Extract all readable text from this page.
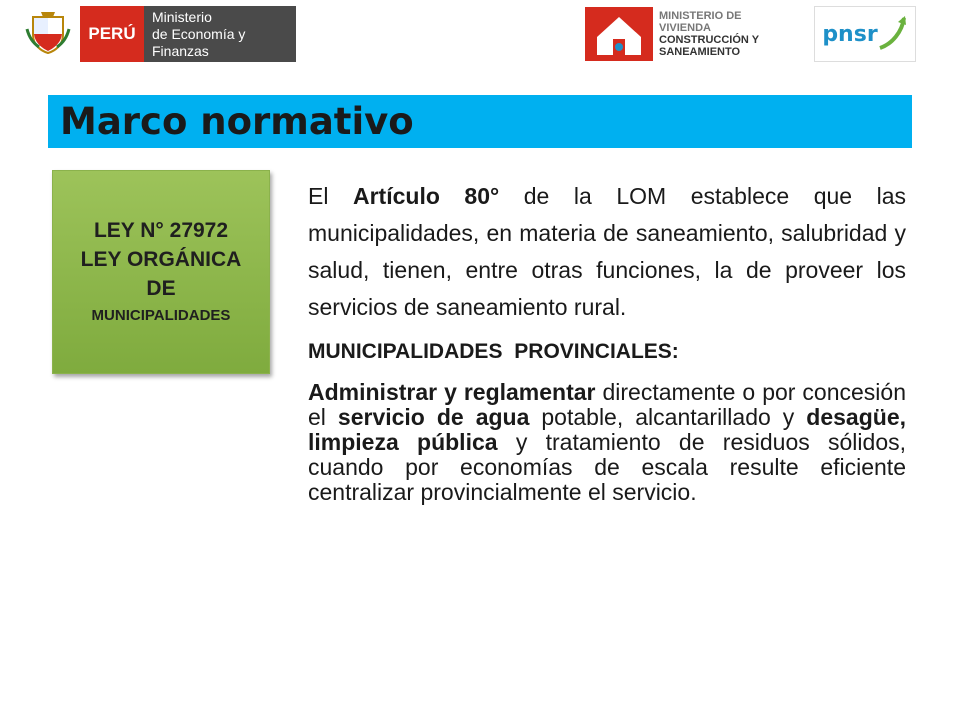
PERÚ
Ministerio
de Economía y Finanzas
MINISTERIO DE
VIVIENDA
CONSTRUCCIÓN Y
SANEAMIENTO
pnsr
Marco normativo
LEY N° 27972
LEY ORGÁNICA
DE
MUNICIPALIDADES

El Artículo 80° de la LOM establece que las municipalidades, en materia de saneamiento, salubridad y salud, tienen, entre otras funciones, la de proveer los servicios de saneamiento rural.

MUNICIPALIDADES PROVINCIALES:

Administrar y reglamentar directamente o por concesión el servicio de agua potable, alcantarillado y desagüe, limpieza pública y tratamiento de residuos sólidos, cuando por economías de escala resulte eficiente centralizar provincialmente el servicio.
